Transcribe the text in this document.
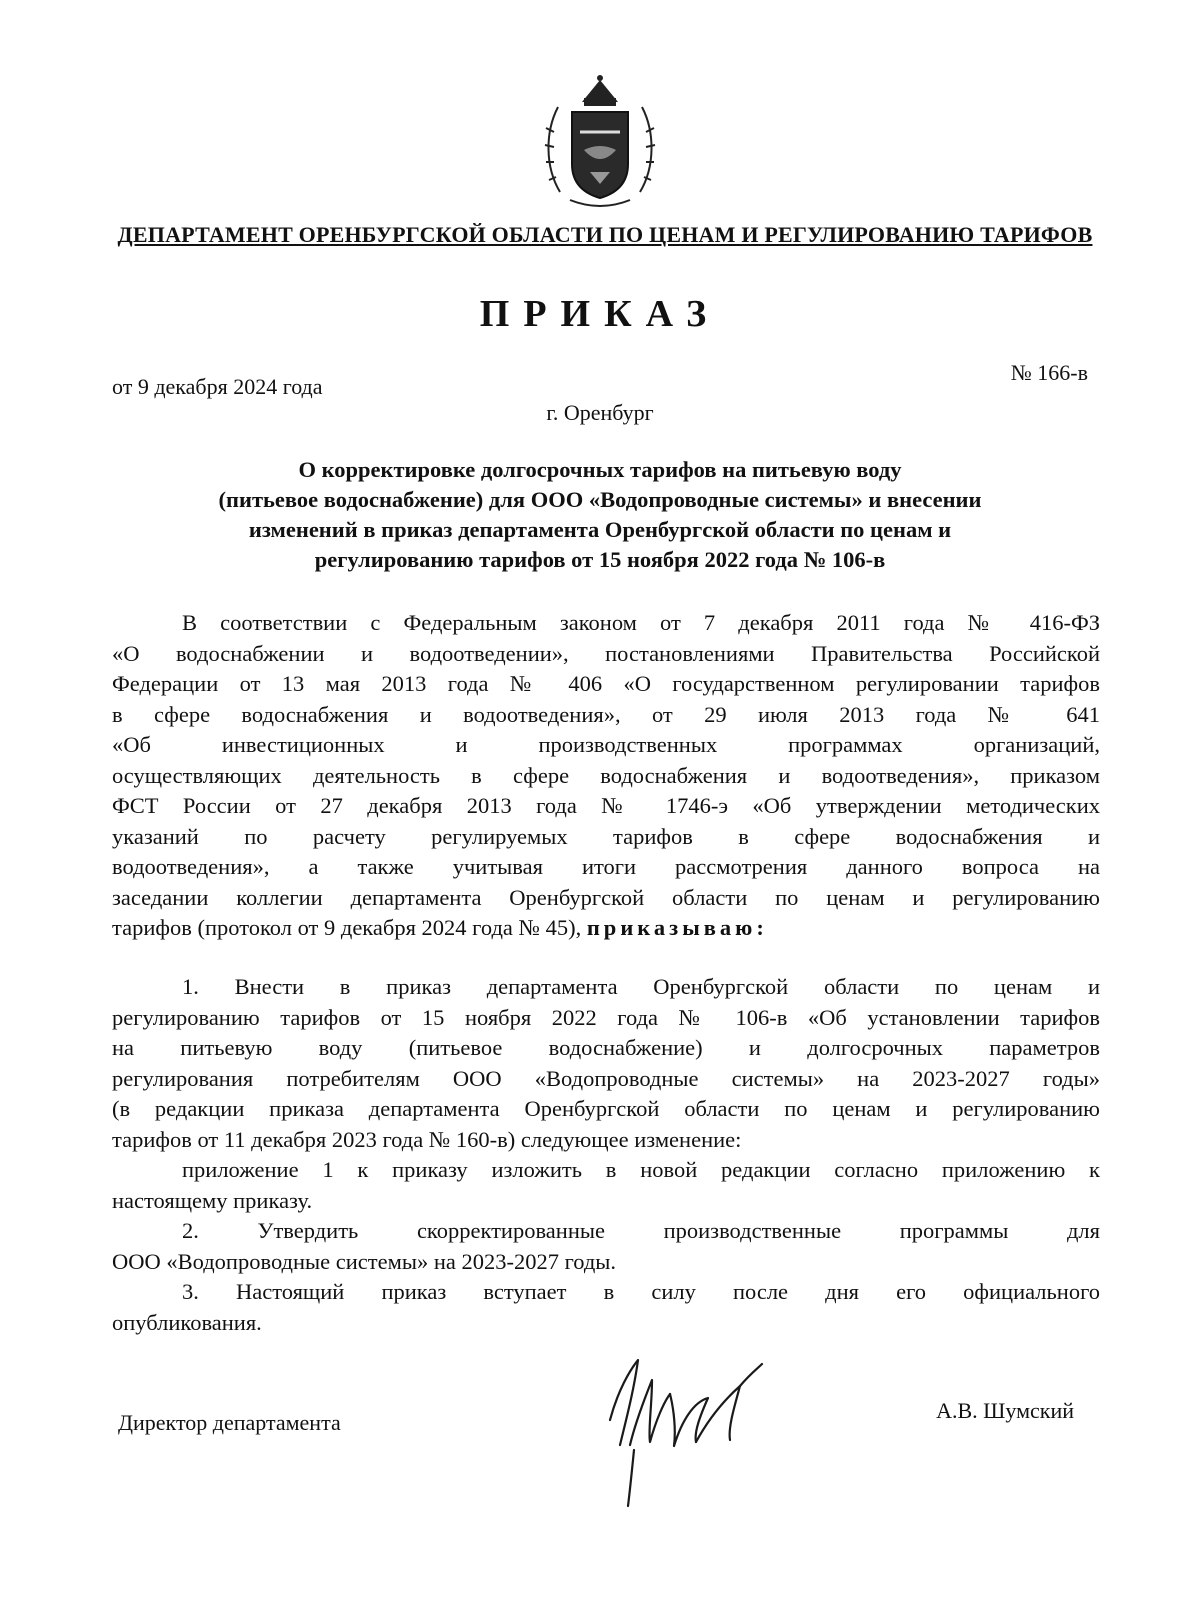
ДЕПАРТАМЕНТ ОРЕНБУРГСКОЙ ОБЛАСТИ ПО ЦЕНАМ И РЕГУЛИРОВАНИЮ ТАРИФОВ
ПРИКАЗ
от 9 декабря 2024 года
№ 166-в
г. Оренбург
О корректировке долгосрочных тарифов на питьевую воду
(питьевое водоснабжение) для ООО «Водопроводные системы» и внесении
изменений в приказ департамента Оренбургской области по ценам и
регулированию тарифов от 15 ноября 2022 года № 106-в
В соответствии с Федеральным законом от 7 декабря 2011 года № 416-ФЗ
«О водоснабжении и водоотведении», постановлениями Правительства Российской
Федерации от 13 мая 2013 года № 406 «О государственном регулировании тарифов
в сфере водоснабжения и водоотведения», от 29 июля 2013 года № 641
«Об инвестиционных и производственных программах организаций,
осуществляющих деятельность в сфере водоснабжения и водоотведения», приказом
ФСТ России от 27 декабря 2013 года № 1746-э «Об утверждении методических
указаний по расчету регулируемых тарифов в сфере водоснабжения и
водоотведения», а также учитывая итоги рассмотрения данного вопроса на
заседании коллегии департамента Оренбургской области по ценам и регулированию
тарифов (протокол от 9 декабря 2024 года № 45), приказываю:
1. Внести в приказ департамента Оренбургской области по ценам и
регулированию тарифов от 15 ноября 2022 года № 106-в «Об установлении тарифов
на питьевую воду (питьевое водоснабжение) и долгосрочных параметров
регулирования потребителям ООО «Водопроводные системы» на 2023-2027 годы»
(в редакции приказа департамента Оренбургской области по ценам и регулированию
тарифов от 11 декабря 2023 года № 160-в) следующее изменение:
приложение 1 к приказу изложить в новой редакции согласно приложению к
настоящему приказу.
2. Утвердить скорректированные производственные программы для
ООО «Водопроводные системы» на 2023-2027 годы.
3. Настоящий приказ вступает в силу после дня его официального
опубликования.
Директор департамента	А.В. Шумский
